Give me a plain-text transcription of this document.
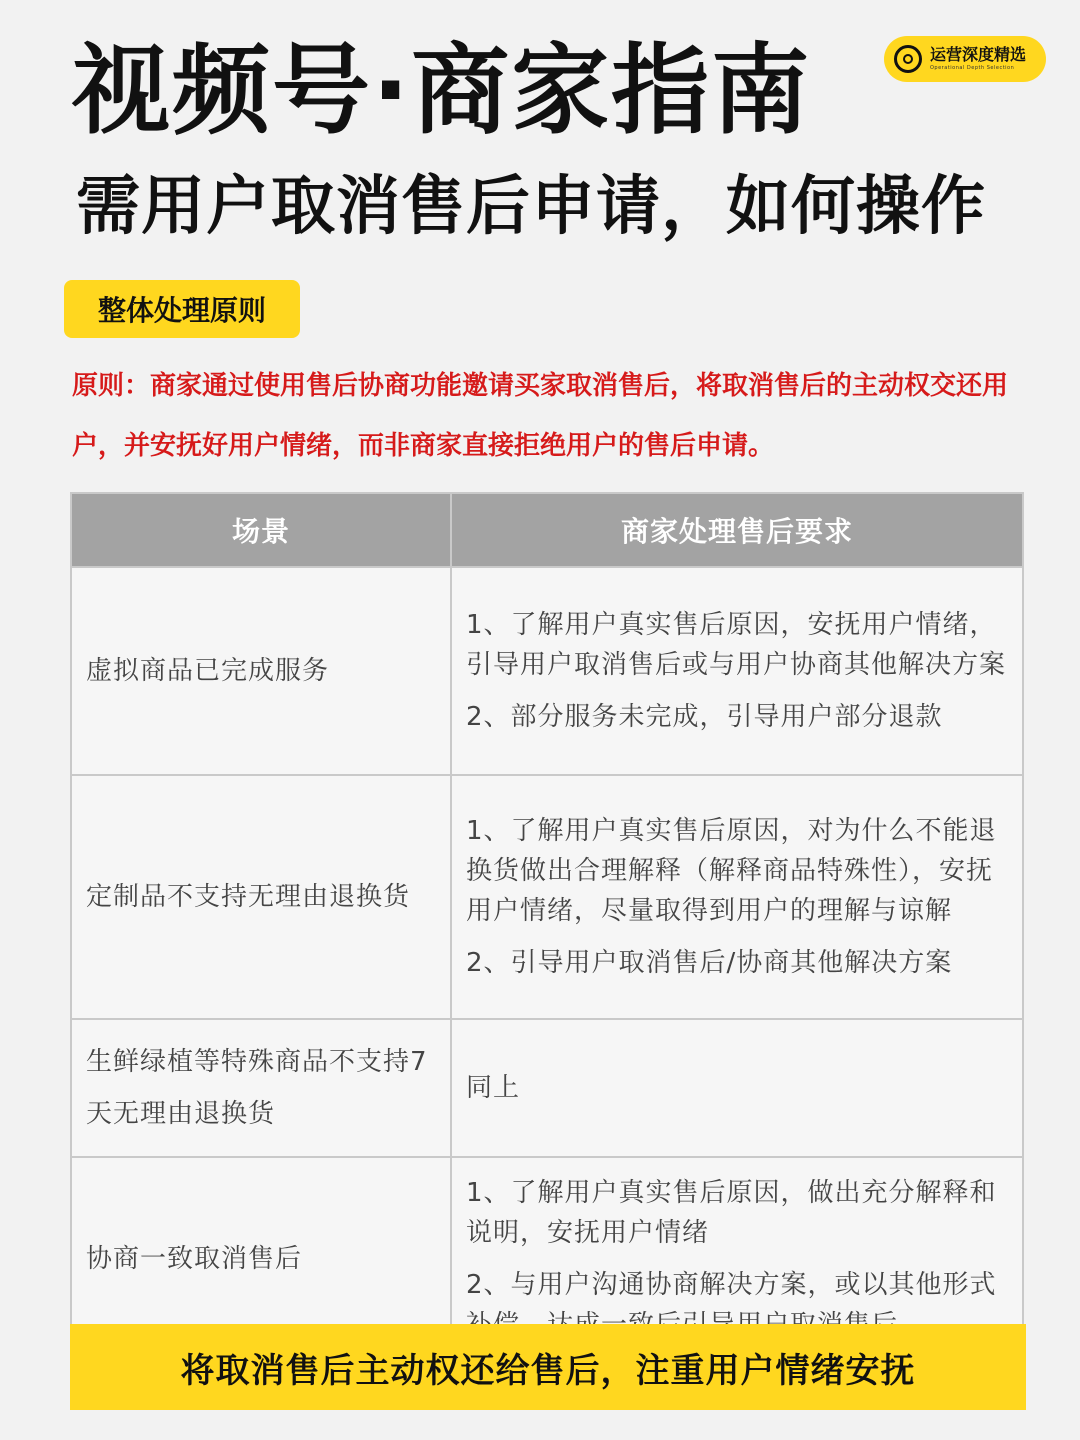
视频号·商家指南
需用户取消售后申请，如何操作
运营深度精选
Operational Depth Selection
整体处理原则
原则：商家通过使用售后协商功能邀请买家取消售后，将取消售后的主动权交还用户，并安抚好用户情绪，而非商家直接拒绝用户的售后申请。
场景	商家处理售后要求
虚拟商品已完成服务	1、了解用户真实售后原因，安抚用户情绪，引导用户取消售后或与用户协商其他解决方案
2、部分服务未完成，引导用户部分退款

定制品不支持无理由退换货	1、了解用户真实售后原因，对为什么不能退换货做出合理解释（解释商品特殊性），安抚用户情绪，尽量取得到用户的理解与谅解
2、引导用户取消售后/协商其他解决方案

生鲜绿植等特殊商品不支持7天无理由退换货	同上

协商一致取消售后	1、了解用户真实售后原因，做出充分解释和说明，安抚用户情绪
2、与用户沟通协商解决方案，或以其他形式
将取消售后主动权还给售后，注重用户情绪安抚
